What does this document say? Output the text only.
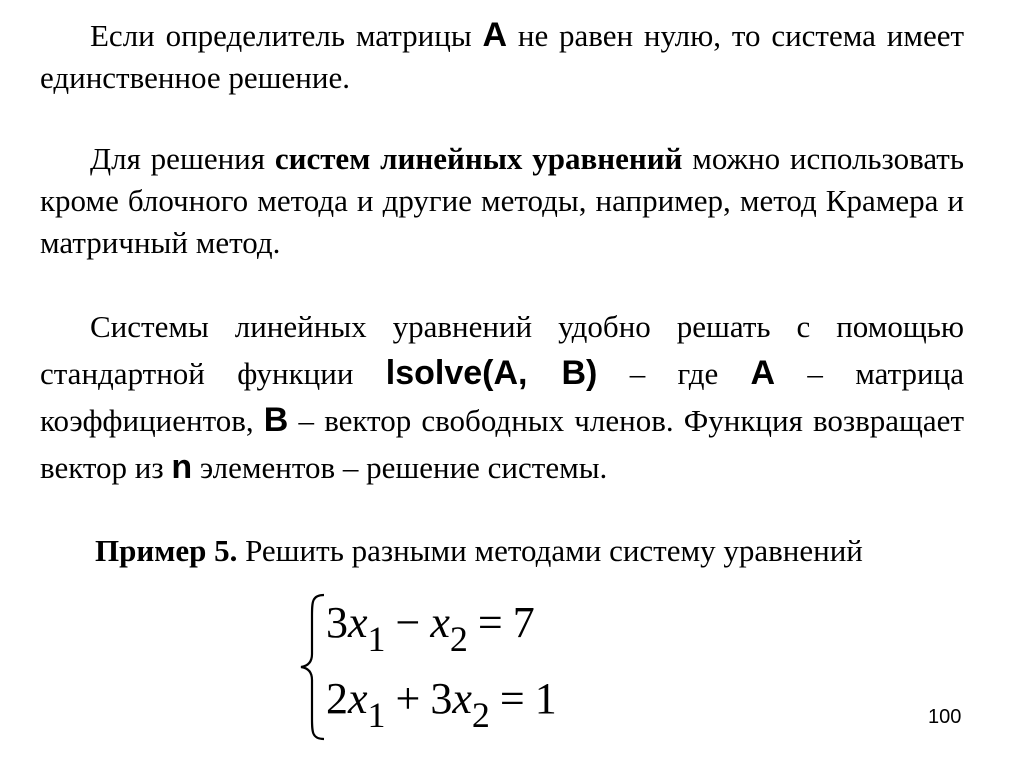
Если определитель матрицы A не равен нулю, то система имеет единственное решение.

Для решения систем линейных уравнений можно использовать кроме блочного метода и другие методы, например, метод Крамера и матричный метод.

Системы линейных уравнений удобно решать с помощью стандартной функции lsolve(A, B) – где A – матрица коэффициентов, B – вектор свободных членов. Функция возвращает вектор из n элементов – решение системы.

Пример 5. Решить разными методами систему уравнений
$3x_1 - x_2 = 7$
$2x_1 + 3x_2 = 1$	100
